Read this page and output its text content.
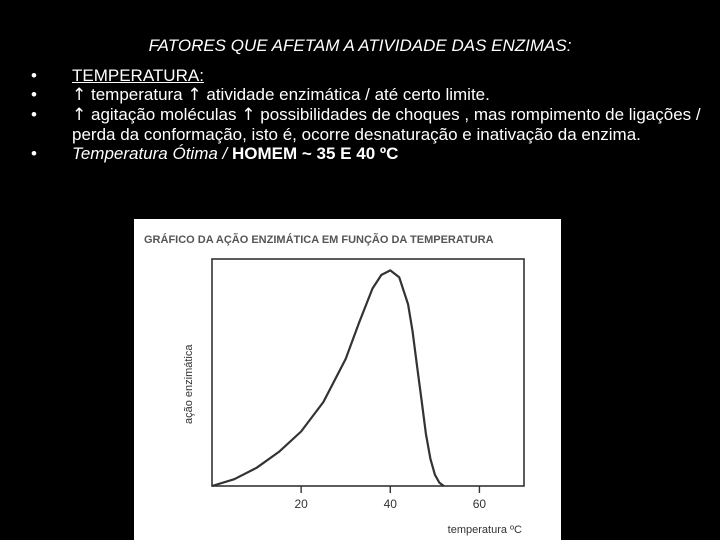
FATORES QUE AFETAM A ATIVIDADE DAS ENZIMAS:
•	TEMPERATURA:
•	↑ temperatura ↑ atividade enzimática / até certo limite.
•	↑ agitação moléculas ↑ possibilidades de choques , mas rompimento de ligações / perda da conformação, isto é, ocorre desnaturação e inativação da enzima.
•	Temperatura Ótima / HOMEM ~ 35 E 40 ºC
GRÁFICO DA AÇÃO ENZIMÁTICA EM FUNÇÃO DA TEMPERATURA
20	40	60
temperatura ºC
ação enzimática
